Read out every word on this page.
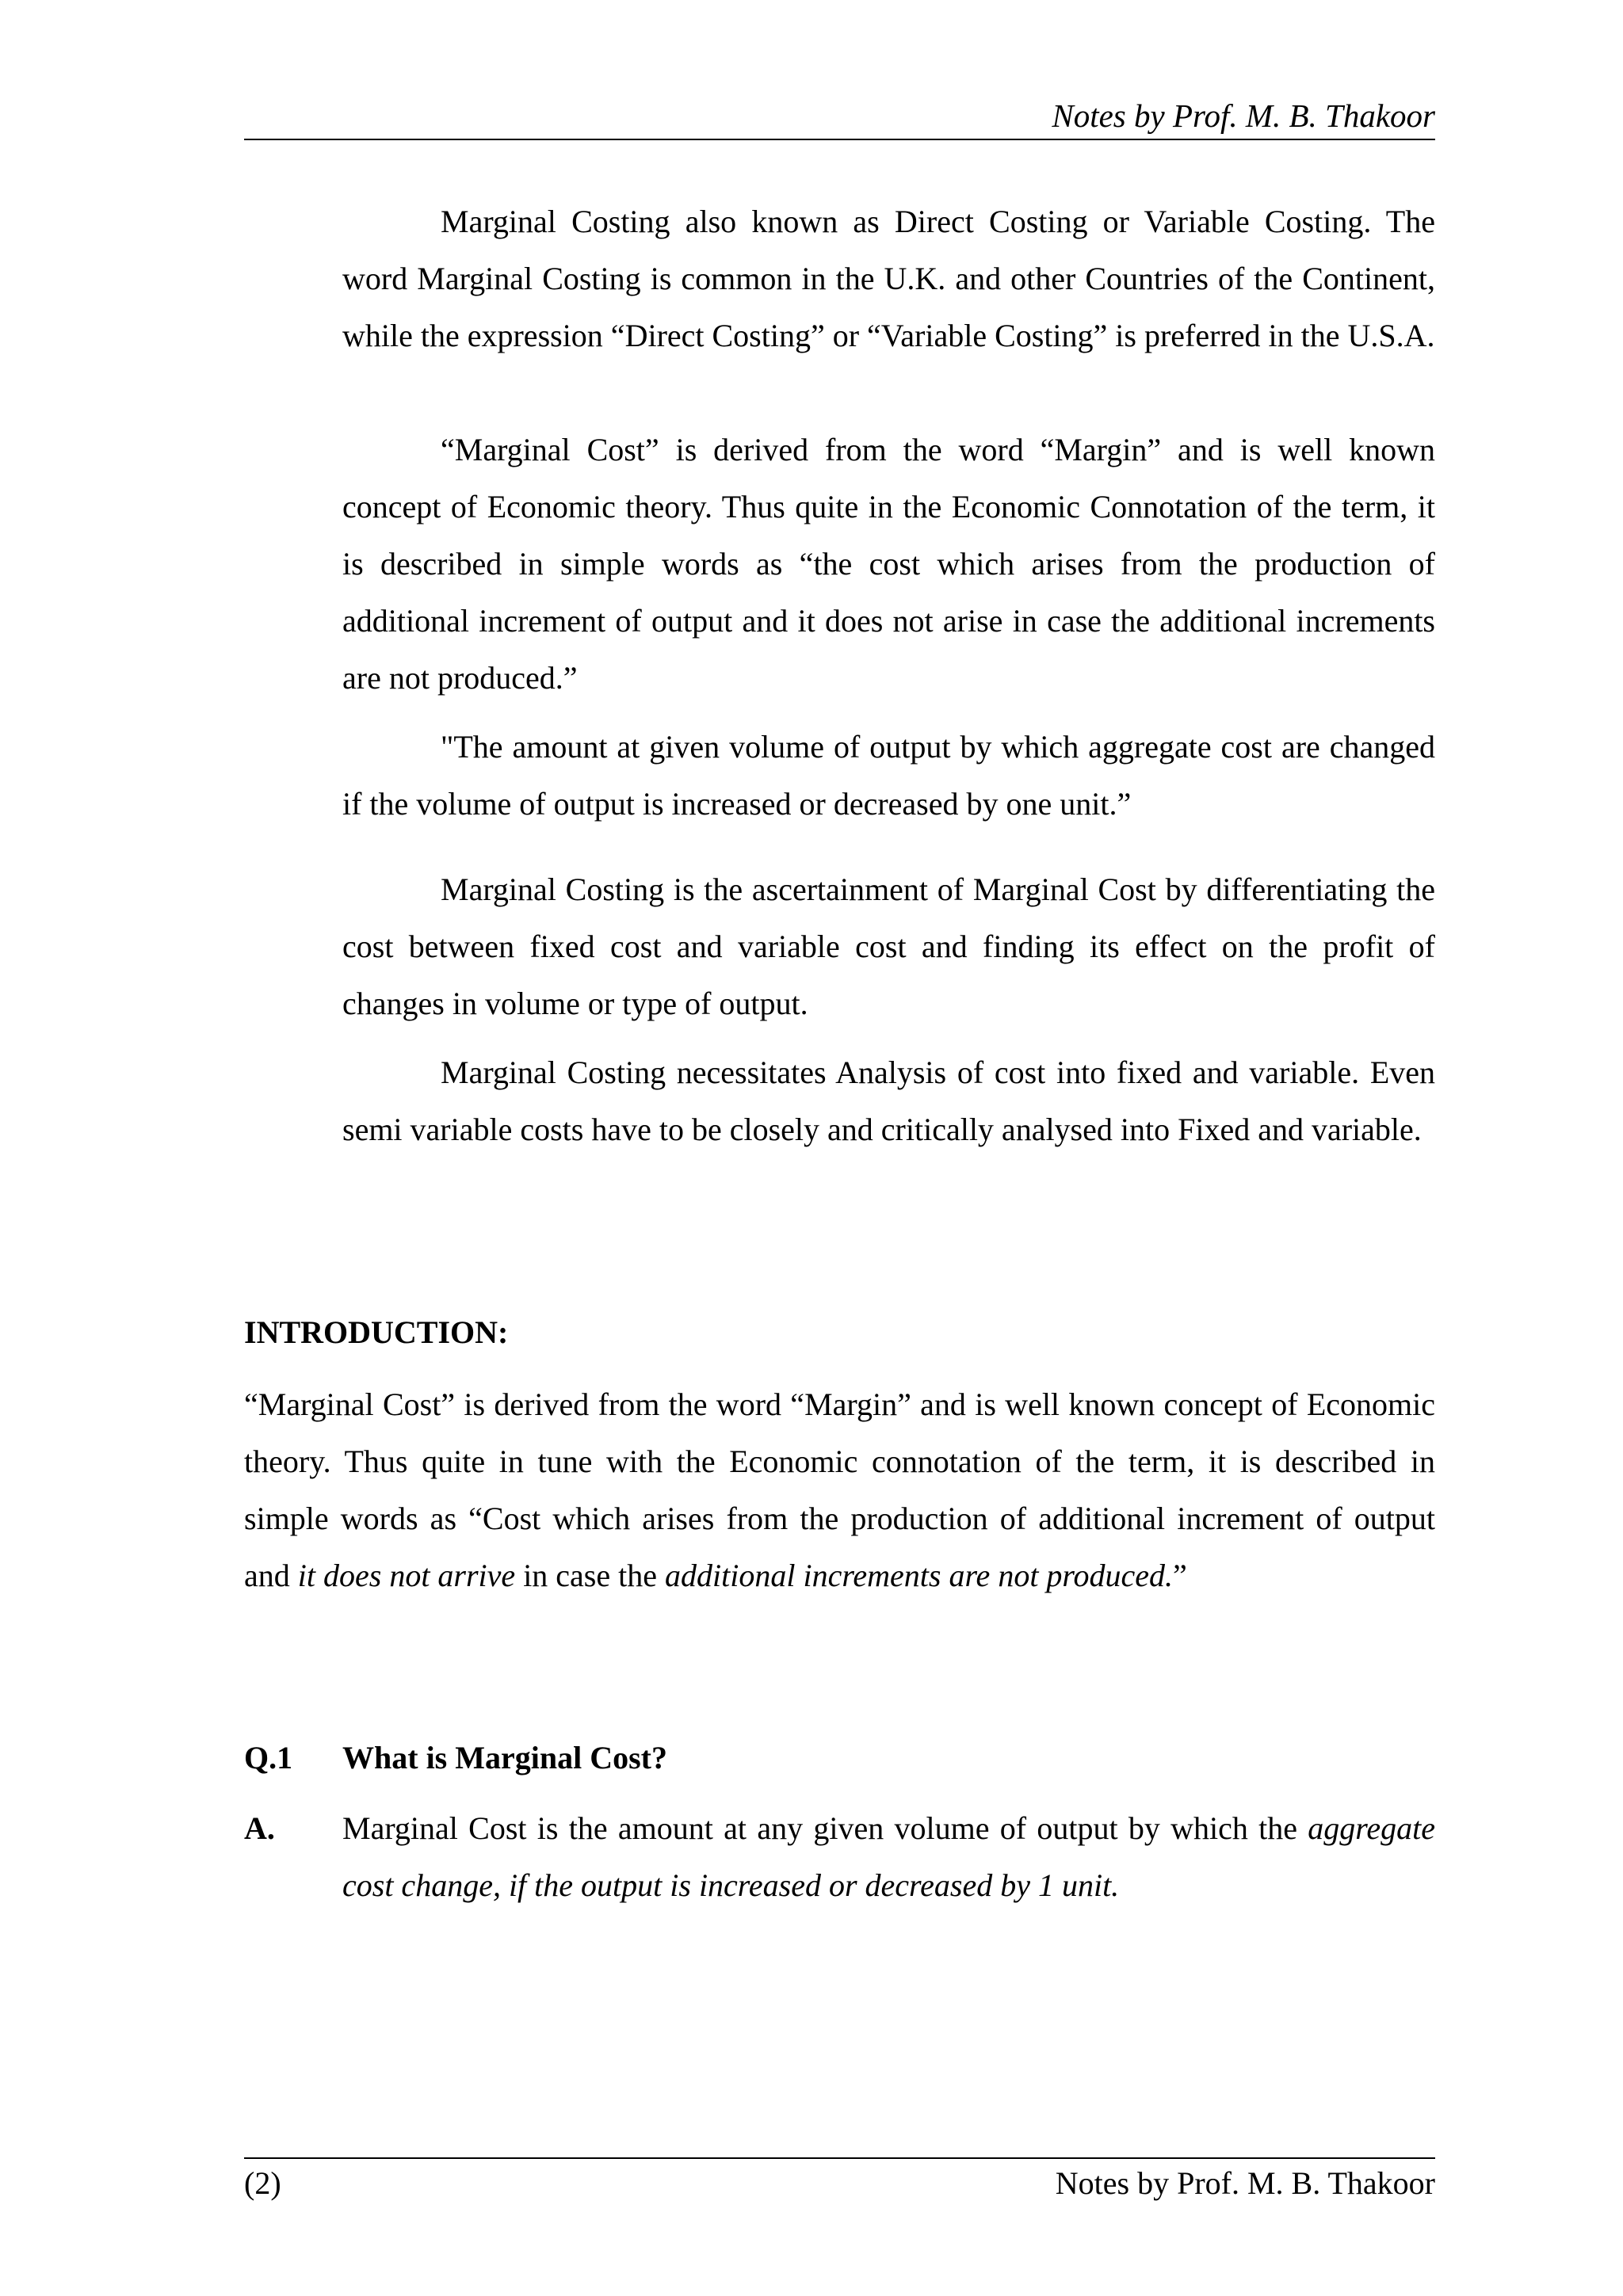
Notes by Prof. M. B. Thakoor

Marginal Costing also known as Direct Costing or Variable Costing. The word Marginal Costing is common in the U.K. and other Countries of the Continent, while the expression “Direct Costing” or “Variable Costing” is preferred in the U.S.A.

“Marginal Cost” is derived from the word “Margin” and is well known concept of Economic theory. Thus quite in the Economic Connotation of the term, it is described in simple words as “the cost which arises from the production of additional increment of output and it does not arise in case the additional increments are not produced.”

"The amount at given volume of output by which aggregate cost are changed if the volume of output is increased or decreased by one unit.”

Marginal Costing is the ascertainment of Marginal Cost by differentiating the cost between fixed cost and variable cost and finding its effect on the profit of changes in volume or type of output.

Marginal Costing necessitates Analysis of cost into fixed and variable. Even semi variable costs have to be closely and critically analysed into Fixed and variable.

INTRODUCTION:

“Marginal Cost” is derived from the word “Margin” and is well known concept of Economic theory. Thus quite in tune with the Economic connotation of the term, it is described in simple words as “Cost which arises from the production of additional increment of output and it does not arrive in case the additional increments are not produced.”

Q.1 What is Marginal Cost?
A. Marginal Cost is the amount at any given volume of output by which the aggregate cost change, if the output is increased or decreased by 1 unit.

(2)	Notes by Prof. M. B. Thakoor
